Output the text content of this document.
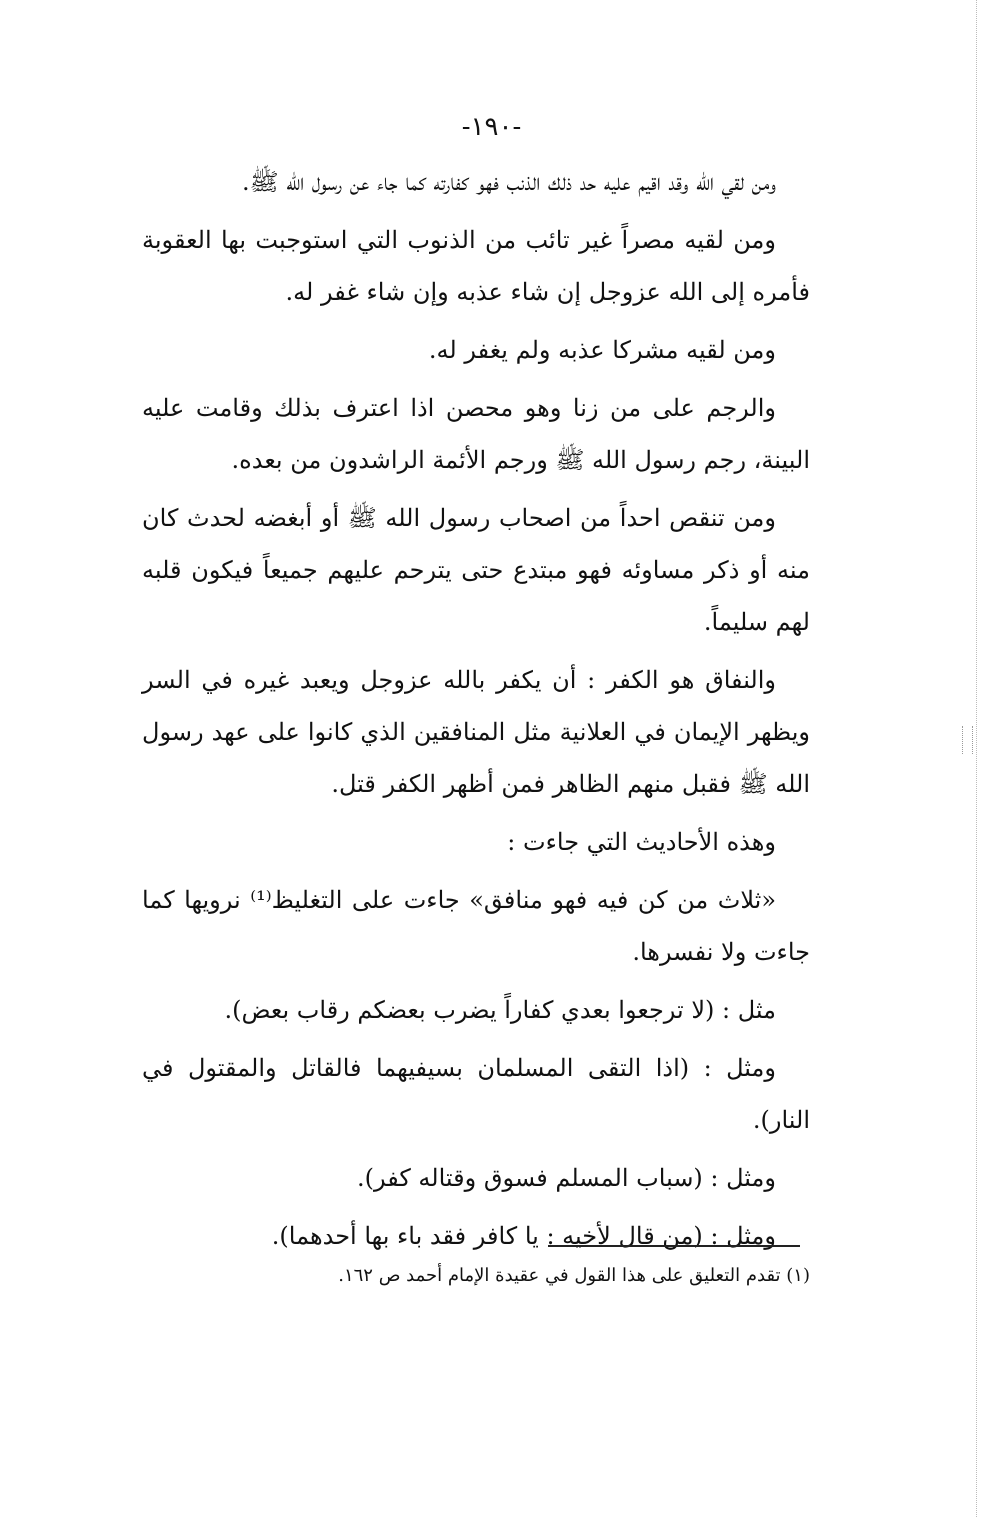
-١٩٠-

ومن لقي الله وقد اقيم عليه حد ذلك الذنب فهو كفارته كما جاء عن رسول الله ﷺ.

ومن لقيه مصراً غير تائب من الذنوب التي استوجبت بها العقوبة فأمره إلى الله عزوجل إن شاء عذبه وإن شاء غفر له.

ومن لقيه مشركا عذبه ولم يغفر له.

والرجم على من زنا وهو محصن اذا اعترف بذلك وقامت عليه البينة، رجم رسول الله ﷺ ورجم الأئمة الراشدون من بعده.

ومن تنقص احداً من اصحاب رسول الله ﷺ أو أبغضه لحدث كان منه أو ذكر مساوئه فهو مبتدع حتى يترحم عليهم جميعاً فيكون قلبه لهم سليماً.

والنفاق هو الكفر : أن يكفر بالله عزوجل ويعبد غيره في السر ويظهر الإيمان في العلانية مثل المنافقين الذي كانوا على عهد رسول الله ﷺ فقبل منهم الظاهر فمن أظهر الكفر قتل.

وهذه الأحاديث التي جاءت :

«ثلاث من كن فيه فهو منافق» جاءت على التغليظ⁽¹⁾ نرويها كما جاءت ولا نفسرها.

مثل : (لا ترجعوا بعدي كفاراً يضرب بعضكم رقاب بعض).

ومثل : (اذا التقى المسلمان بسيفيهما فالقاتل والمقتول في النار).

ومثل : (سباب المسلم فسوق وقتاله كفر).

ومثل : (من قال لأخيه : يا كافر فقد باء بها أحدهما).

(١) تقدم التعليق على هذا القول في عقيدة الإمام أحمد ص ١٦٢.
